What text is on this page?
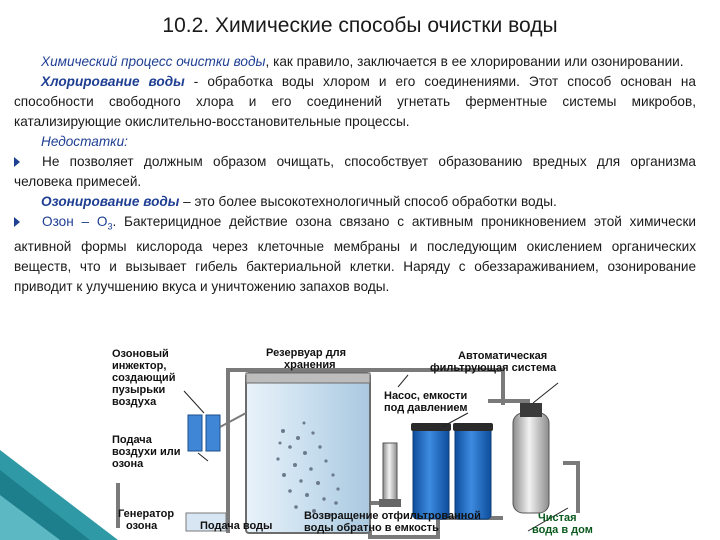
10.2. Химические способы очистки воды

Химический процесс очистки воды, как правило, заключается в ее хлорировании или озонировании.

Хлорирование воды - обработка воды хлором и его соединениями. Этот способ основан на способности свободного хлора и его соединений угнетать ферментные системы микробов, катализирующие окислительно-восстановительные процессы.

Недостатки:

Не позволяет должным образом очищать, способствует образованию вредных для организма человека примесей.

Озонирование воды – это более высокотехнологичный способ обработки воды.

Озон – $О_3$. Бактерицидное действие озона связано с активным проникновением этой химически активной формы кислорода через клеточные мембраны и последующим окислением органических веществ, что и вызывает гибель бактериальной клетки. Наряду с обеззараживанием, озонирование приводит к улучшению вкуса и уничтожению запахов воды.

Озоновый инжектор, создающий пузырьки воздуха
Подача воздухи или озона
Генератор озона
Резервуар для хранения
Подача воды
Насос, емкости под давлением
Автоматическая фильтрующая система
Возвращение отфильтрованной воды обратно в емкость
Чистая вода в дом
